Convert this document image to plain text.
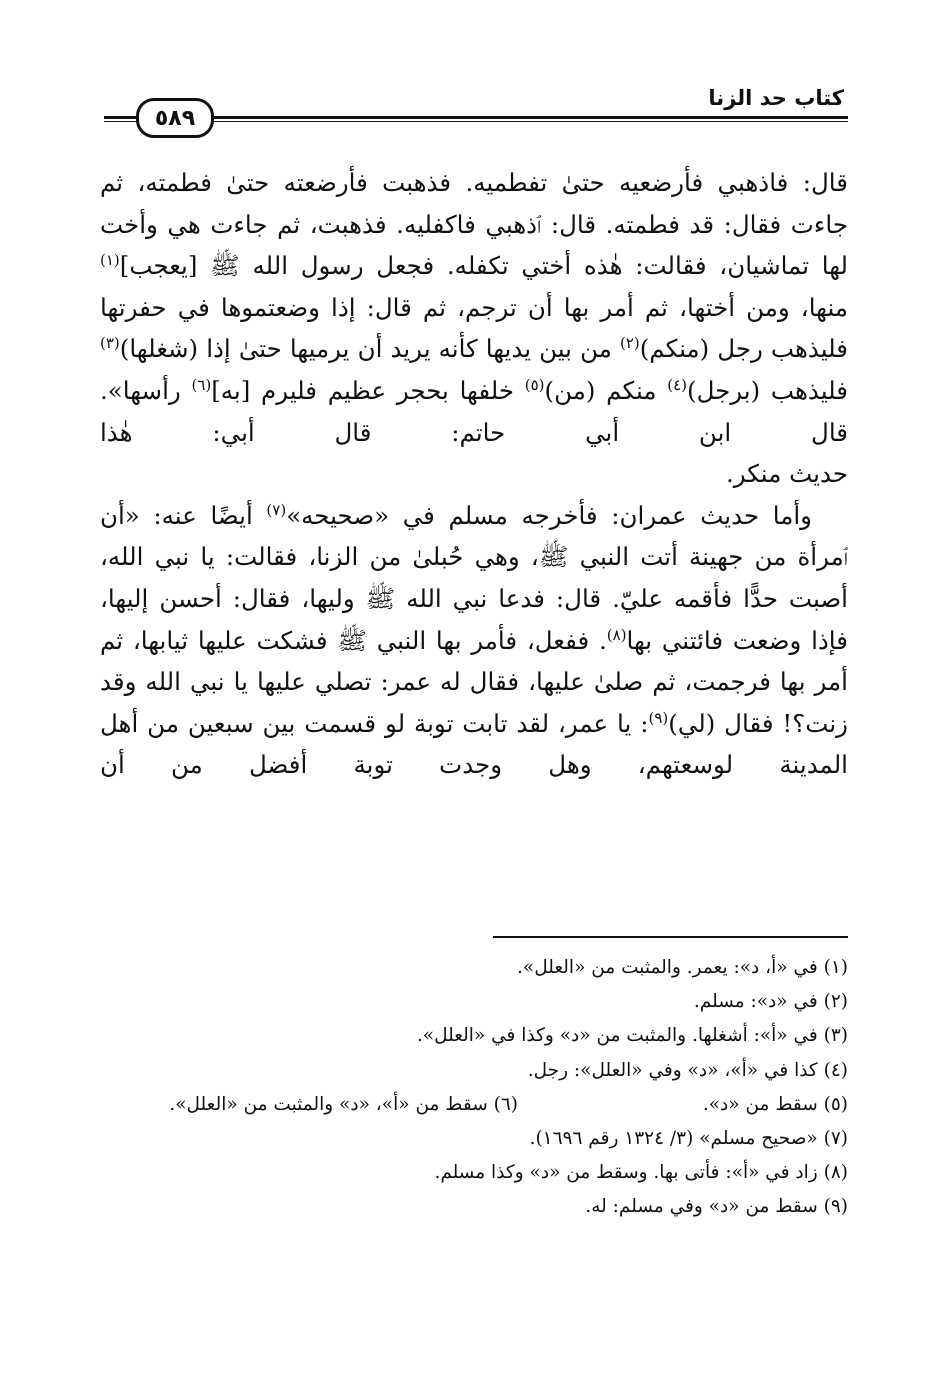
كتاب حد الزنا
٥٨٩

قال: فاذهبي فأرضعيه حتىٰ تفطميه. فذهبت فأرضعته حتىٰ فطمته، ثم جاءت فقال: قد فطمته. قال: ٱذهبي فاكفليه. فذهبت، ثم جاءت هي وأخت لها تماشيان، فقالت: هٰذه أختي تكفله. فجعل رسول الله ﷺ [يعجب]$^{(١)}$ منها، ومن أختها، ثم أمر بها أن ترجم، ثم قال: إذا وضعتموها في حفرتها فليذهب رجل (منكم)$^{(٢)}$ من بين يديها كأنه يريد أن يرميها حتىٰ إذا (شغلها)$^{(٣)}$ فليذهب (برجل)$^{(٤)}$ منكم (من)$^{(٥)}$ خلفها بحجر عظيم فليرم [به]$^{(٦)}$ رأسها». قال ابن أبي حاتم: قال أبي: هٰذا

حديث منكر.

وأما حديث عمران: فأخرجه مسلم في «صحيحه»$^{(٧)}$ أيضًا عنه: «أن ٱمرأة من جهينة أتت النبي ﷺ، وهي حُبلىٰ من الزنا، فقالت: يا نبي الله، أصبت حدًّا فأقمه عليّ. قال: فدعا نبي الله ﷺ وليها، فقال: أحسن إليها، فإذا وضعت فائتني بها$^{(٨)}$. ففعل، فأمر بها النبي ﷺ فشكت عليها ثيابها، ثم أمر بها فرجمت، ثم صلىٰ عليها، فقال له عمر: تصلي عليها يا نبي الله وقد زنت؟! فقال (لي)$^{(٩)}$: يا عمر، لقد تابت توبة لو قسمت بين سبعين من أهل المدينة لوسعتهم، وهل وجدت توبة أفضل من أن

(١) في «أ، د»: يعمر. والمثبت من «العلل».
(٢) في «د»: مسلم.
(٣) في «أ»: أشغلها. والمثبت من «د» وكذا في «العلل».
(٤) كذا في «أ»، «د» وفي «العلل»: رجل.
(٥) سقط من «د».
(٦) سقط من «أ»، «د» والمثبت من «العلل».
(٧) «صحيح مسلم» (٣/ ١٣٢٤ رقم ١٦٩٦).
(٨) زاد في «أ»: فأتى بها. وسقط من «د» وكذا مسلم.
(٩) سقط من «د» وفي مسلم: له.
